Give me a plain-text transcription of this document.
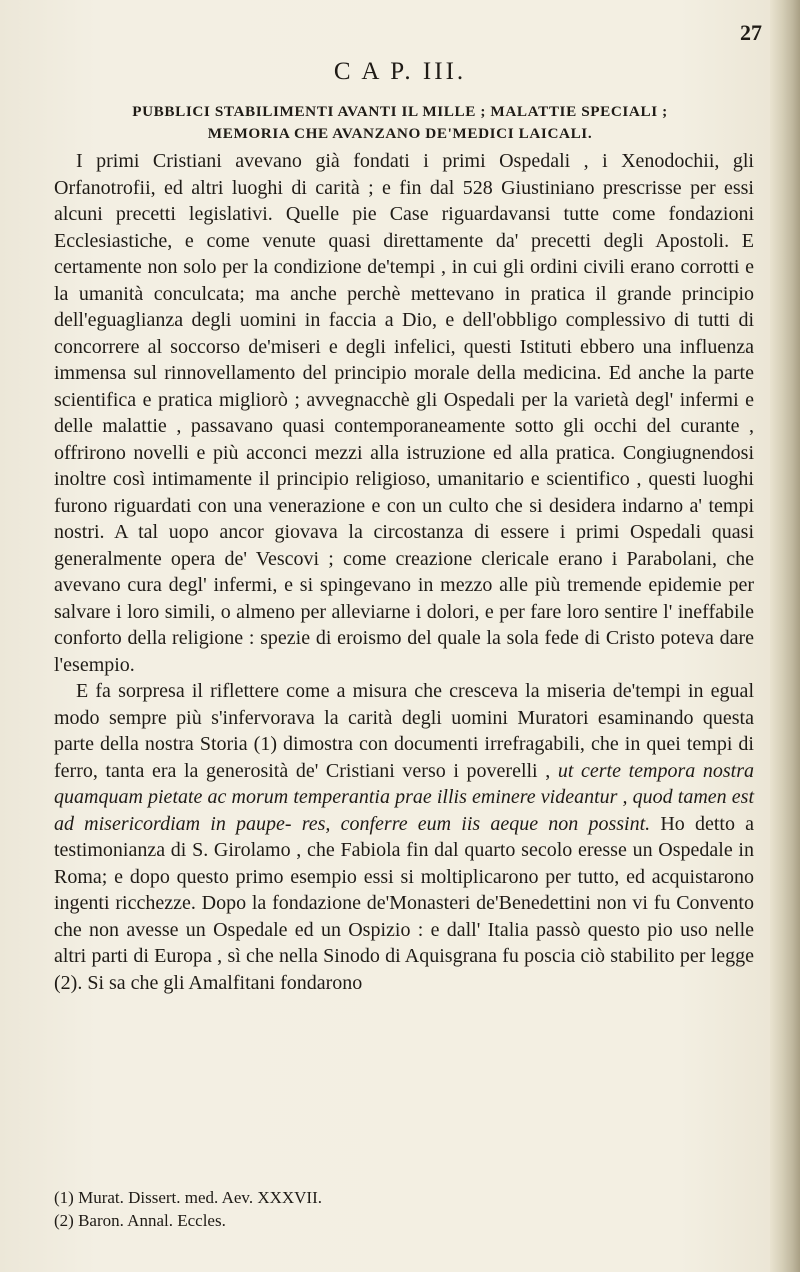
27
C A P. III.
PUBBLICI STABILIMENTI AVANTI IL MILLE ; MALATTIE SPECIALI ;
MEMORIA CHE AVANZANO DE'MEDICI LAICALI.

I primi Cristiani avevano già fondati i primi Ospedali , i Xenodochii, gli Orfanotrofii, ed altri luoghi di carità ; e fin dal 528 Giustiniano prescrisse per essi alcuni precetti legislativi. Quelle pie Case riguardavansi tutte come fondazioni Ecclesiastiche, e come venute quasi direttamente da' precetti degli Apostoli. E certamente non solo per la condizione de'tempi , in cui gli ordini civili erano corrotti e la umanità conculcata; ma anche perchè mettevano in pratica il grande principio dell'eguaglianza degli uomini in faccia a Dio, e dell'obbligo complessivo di tutti di concorrere al soccorso de'miseri e degli infelici, questi Istituti ebbero una influenza immensa sul rinnovellamento del principio morale della medicina. Ed anche la parte scientifica e pratica migliorò ; avvegnacchè gli Ospedali per la varietà degl' infermi e delle malattie , passavano quasi contemporaneamente sotto gli occhi del curante , offrirono novelli e più acconci mezzi alla istruzione ed alla pratica. Congiugnendosi inoltre così intimamente il principio religioso, umanitario e scientifico , questi luoghi furono riguardati con una venerazione e con un culto che si desidera indarno a' tempi nostri. A tal uopo ancor giovava la circostanza di essere i primi Ospedali quasi generalmente opera de' Vescovi ; come creazione clericale erano i Parabolani, che avevano cura degl' infermi, e si spingevano in mezzo alle più tremende epidemie per salvare i loro simili, o almeno per alleviarne i dolori, e per fare loro sentire l' ineffabile conforto della religione : spezie di eroismo del quale la sola fede di Cristo poteva dare l'esempio.

E fa sorpresa il riflettere come a misura che cresceva la miseria de'tempi in egual modo sempre più s'infervorava la carità degli uomini Muratori esaminando questa parte della nostra Storia (1) dimostra con documenti irrefragabili, che in quei tempi di ferro, tanta era la generosità de' Cristiani verso i poverelli , ut certe tempora nostra quamquam pietate ac morum temperantia prae illis eminere videantur , quod tamen est ad misericordiam in paupe- res, conferre eum iis aeque non possint. Ho detto a testimonianza di S. Girolamo , che Fabiola fin dal quarto secolo eresse un Ospedale in Roma; e dopo questo primo esempio essi si moltiplicarono per tutto, ed acquistarono ingenti ricchezze. Dopo la fondazione de'Monasteri de'Benedettini non vi fu Convento che non avesse un Ospedale ed un Ospizio : e dall' Italia passò questo pio uso nelle altri parti di Europa , sì che nella Sinodo di Aquisgrana fu poscia ciò stabilito per legge (2). Si sa che gli Amalfitani fondarono

(1) Murat. Dissert. med. Aev. XXXVII.
(2) Baron. Annal. Eccles.
